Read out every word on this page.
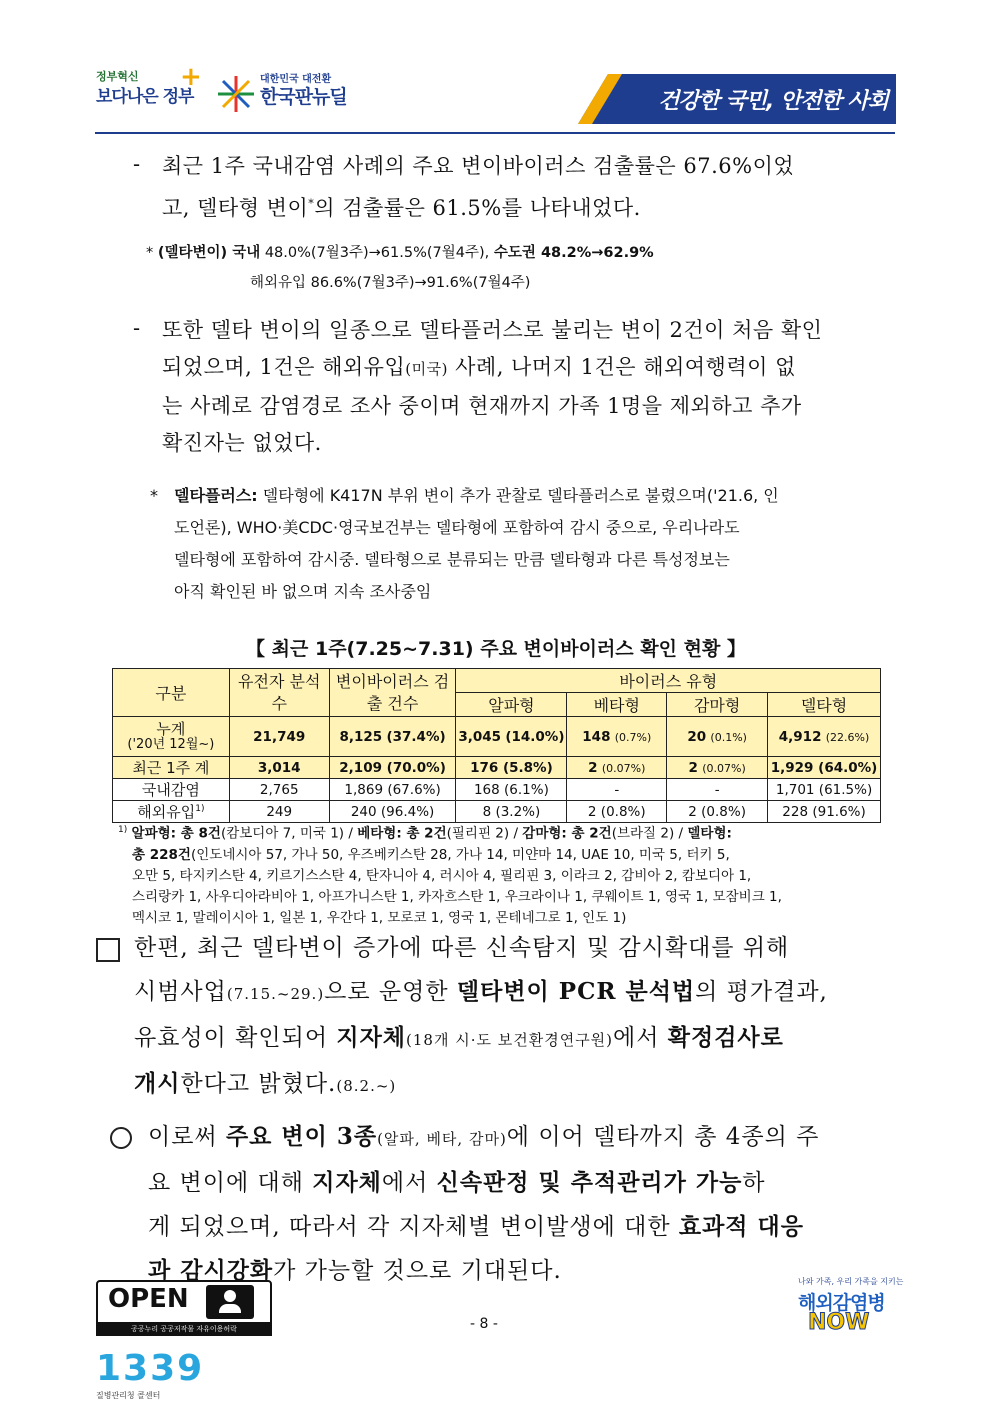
정부혁신
보다나은 정부
+	대한민국 대전환
한국판뉴딜	건강한 국민, 안전한 사회
- 최근 1주 국내감염 사례의 주요 변이바이러스 검출률은 67.6%이었
고, 델타형 변이*의 검출률은 61.5%를 나타내었다.
* (델타변이) 국내 48.0%(7월3주)→61.5%(7월4주), 수도권 48.2%→62.9%
해외유입 86.6%(7월3주)→91.6%(7월4주)
- 또한 델타 변이의 일종으로 델타플러스로 불리는 변이 2건이 처음 확인
되었으며, 1건은 해외유입(미국) 사례, 나머지 1건은 해외여행력이 없
는 사례로 감염경로 조사 중이며 현재까지 가족 1명을 제외하고 추가
확진자는 없었다.
*	델타플러스: 델타형에 K417N 부위 변이 추가 관찰로 델타플러스로 불렸으며('21.6, 인
도언론), WHO·美CDC·영국보건부는 델타형에 포함하여 감시 중으로, 우리나라도
델타형에 포함하여 감시중. 델타형으로 분류되는 만큼 델타형과 다른 특성정보는
아직 확인된 바 없으며 지속 조사중임
【 최근 1주(7.25~7.31) 주요 변이바이러스 확인 현황 】
구분	유전자 분석 수	변이바이러스 검출 건수	바이러스 유형			
			알파형	베타형	감마형	델타형

누계
('20년 12월~)	21,749	8,125 (37.4%)	3,045 (14.0%)	148 (0.7%)	20 (0.1%)	4,912 (22.6%)
최근 1주 계	3,014	2,109 (70.0%)	176 (5.8%)	2 (0.07%)	2 (0.07%)	1,929 (64.0%)
국내감염	2,765	1,869 (67.6%)	168 (6.1%)	-	-	1,701 (61.5%)
해외유입$^{1)}$	249	240 (96.4%)	8 (3.2%)	2 (0.8%)	2 (0.8%)	228 (91.6%)
$^{1)}$ 알파형: 총 8건(캄보디아 7, 미국 1) / 베타형: 총 2건(필리핀 2) / 감마형: 총 2건(브라질 2) / 델타형:
총 228건(인도네시아 57, 가나 50, 우즈베키스탄 28, 가나 14, 미얀마 14, UAE 10, 미국 5, 터키 5,
오만 5, 타지키스탄 4, 키르기스스탄 4, 탄자니아 4, 러시아 4, 필리핀 3, 이라크 2, 감비아 2, 캄보디아 1,
스리랑카 1, 사우디아라비아 1, 아프가니스탄 1, 카자흐스탄 1, 우크라이나 1, 쿠웨이트 1, 영국 1, 모잠비크 1,
멕시코 1, 말레이시아 1, 일본 1, 우간다 1, 모로코 1, 영국 1, 몬테네그로 1, 인도 1)
한편, 최근 델타변이 증가에 따른 신속탐지 및 감시확대를 위해
시범사업(7.15.~29.)으로 운영한 델타변이 PCR 분석법의 평가결과,
유효성이 확인되어 지자체(18개 시·도 보건환경연구원)에서 확정검사로
개시한다고 밝혔다.(8.2.~)
이로써 주요 변이 3종(알파, 베타, 감마)에 이어 델타까지 총 4종의 주
요 변이에 대해 지자체에서 신속판정 및 추적관리가 가능하
게 되었으며, 따라서 각 지자체별 변이발생에 대한 효과적 대응
과 감시강화가 가능할 것으로 기대된다.
OPEN
공공누리 공공저작물 자유이용허락	- 8 -
1339
질병관리청 콜센터
나와 가족, 우리 가족을 지키는
해외감염병
NOW
